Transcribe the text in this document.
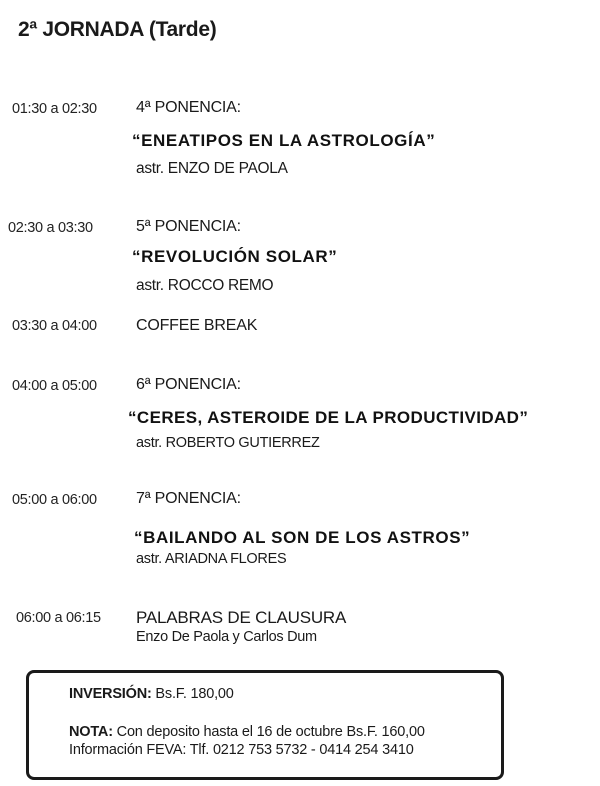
2ª JORNADA (Tarde)
01:30 a 02:30 4ª PONENCIA:
“ENEATIPOS EN LA ASTROLOGÍA”
astr. ENZO DE PAOLA
02:30 a 03:30	5ª PONENCIA:
“REVOLUCIÓN SOLAR”
astr. ROCCO REMO
03:30 a 04:00 COFFEE BREAK
04:00 a 05:00 6ª PONENCIA:
“CERES, ASTEROIDE DE LA PRODUCTIVIDAD”
astr. ROBERTO GUTIERREZ
05:00 a 06:00 7ª PONENCIA:
“BAILANDO AL SON DE LOS ASTROS”
astr. ARIADNA FLORES
06:00 a 06:15 PALABRAS DE CLAUSURA
Enzo De Paola y Carlos Dum
INVERSIÓN: Bs.F. 180,00
NOTA: Con deposito hasta el 16 de octubre Bs.F. 160,00
Información FEVA: Tlf. 0212 753 5732 - 0414 254 3410
